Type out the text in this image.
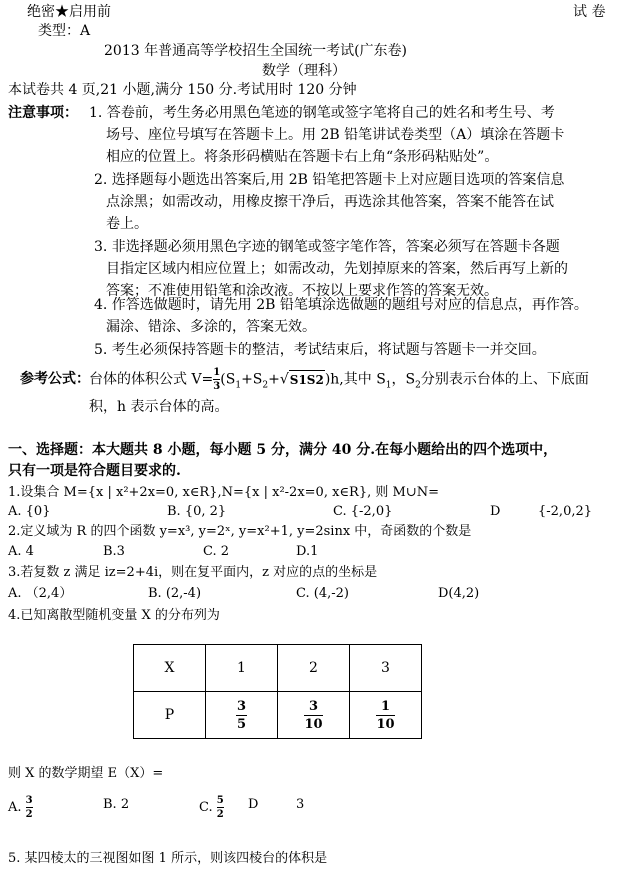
绝密★启用前	试 卷
类型：A
2013 年普通高等学校招生全国统一考试(广东卷)
数学（理科）
本试卷共 4 页,21 小题,满分 150 分.考试用时 120 分钟
注意事项： 1. 答卷前，考生务必用黑色笔迹的钢笔或签字笔将自己的姓名和考生号、考
场号、座位号填写在答题卡上。用 2B 铅笔讲试卷类型（A）填涂在答题卡
相应的位置上。将条形码横贴在答题卡右上角“条形码粘贴处”。
2. 选择题每小题选出答案后,用 2B 铅笔把答题卡上对应题目选项的答案信息
点涂黑；如需改动，用橡皮擦干净后，再选涂其他答案，答案不能答在试
卷上。
3. 非选择题必须用黑色字迹的钢笔或签字笔作答，答案必须写在答题卡各题
目指定区域内相应位置上；如需改动，先划掉原来的答案，然后再写上新的
答案；不准使用铅笔和涂改液。不按以上要求作答的答案无效。
4. 作答选做题时，请先用 2B 铅笔填涂选做题的题组号对应的信息点，再作答。
漏涂、错涂、多涂的，答案无效。
5. 考生必须保持答题卡的整洁，考试结束后，将试题与答题卡一并交回。
参考公式： 台体的体积公式 $V= \frac{1}{3} (S_1+S_2+√S1S2)h$,其中 $S_1$，$S_2$分别表示台体的上、下底面
积，h 表示台体的高。
一、选择题：本大题共 8 小题，每小题 5 分，满分 40 分.在每小题给出的四个选项中，
只有一项是符合题目要求的.
1.设集合 M={x | x²+2x=0, x∈R},N={x | x²-2x=0, x∈R}, 则 M∪N=
A. {0}	B. {0, 2}	C. {-2,0}	D	{-2,0,2}
2.定义域为 R 的四个函数 y=x³, y=2ˣ, y=x²+1, y=2sinx 中，奇函数的个数是
A. 4	B.3	C. 2	D.1
3.若复数 z 满足 iz=2+4i，则在复平面内，z 对应的点的坐标是
A. （2,4）	B. (2,-4)	C. (4,-2)	D(4,2)
4.已知离散型随机变量 X 的分布列为
X	1	2	3
P	$\frac{3}{5}$	$\frac{3}{10}$	$\frac{1}{10}$
则 X 的数学期望 E（X）=
A. $\frac{3}{2}$	B. 2	C. $\frac{5}{2}$ D	3
5. 某四棱太的三视图如图 1 所示，则该四棱台的体积是
